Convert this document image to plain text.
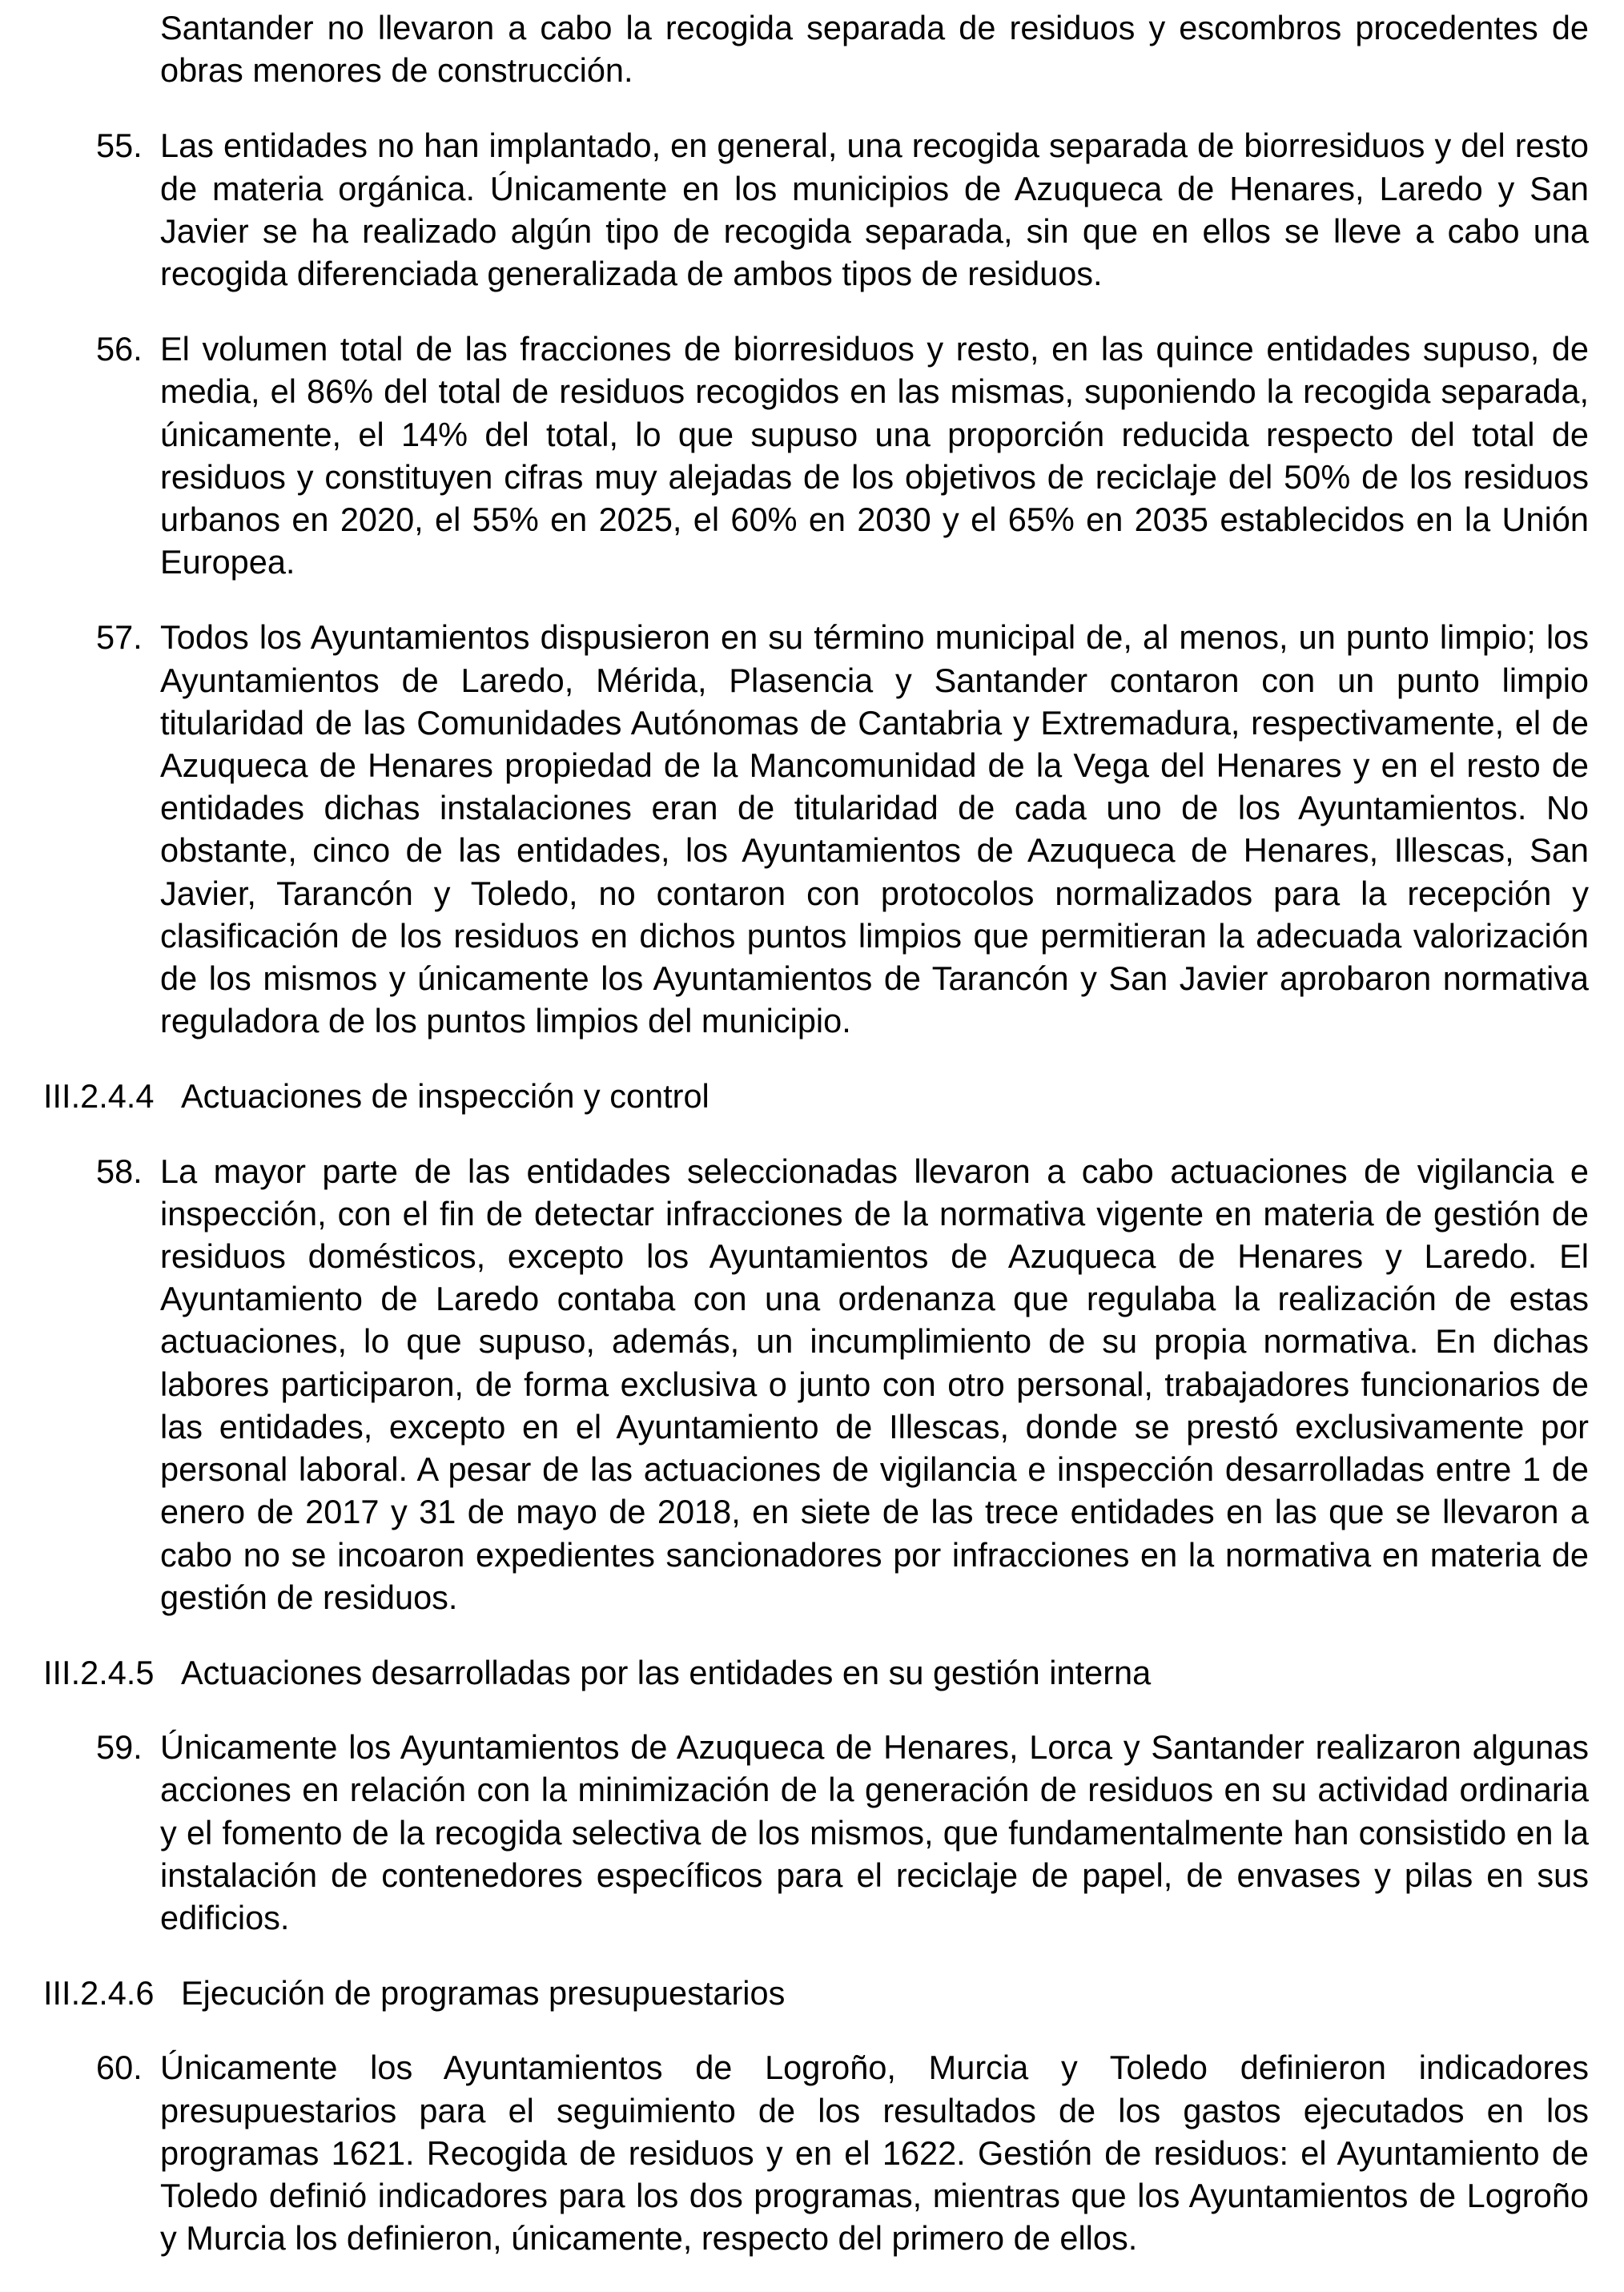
Santander no llevaron a cabo la recogida separada de residuos y escombros procedentes de obras menores de construcción.

55. Las entidades no han implantado, en general, una recogida separada de biorresiduos y del resto de materia orgánica. Únicamente en los municipios de Azuqueca de Henares, Laredo y San Javier se ha realizado algún tipo de recogida separada, sin que en ellos se lleve a cabo una recogida diferenciada generalizada de ambos tipos de residuos.

56. El volumen total de las fracciones de biorresiduos y resto, en las quince entidades supuso, de media, el 86% del total de residuos recogidos en las mismas, suponiendo la recogida separada, únicamente, el 14% del total, lo que supuso una proporción reducida respecto del total de residuos y constituyen cifras muy alejadas de los objetivos de reciclaje del 50% de los residuos urbanos en 2020, el 55% en 2025, el 60% en 2030 y el 65% en 2035 establecidos en la Unión Europea.

57. Todos los Ayuntamientos dispusieron en su término municipal de, al menos, un punto limpio; los Ayuntamientos de Laredo, Mérida, Plasencia y Santander contaron con un punto limpio titularidad de las Comunidades Autónomas de Cantabria y Extremadura, respectivamente, el de Azuqueca de Henares propiedad de la Mancomunidad de la Vega del Henares y en el resto de entidades dichas instalaciones eran de titularidad de cada uno de los Ayuntamientos. No obstante, cinco de las entidades, los Ayuntamientos de Azuqueca de Henares, Illescas, San Javier, Tarancón y Toledo, no contaron con protocolos normalizados para la recepción y clasificación de los residuos en dichos puntos limpios que permitieran la adecuada valorización de los mismos y únicamente los Ayuntamientos de Tarancón y San Javier aprobaron normativa reguladora de los puntos limpios del municipio.

III.2.4.4 Actuaciones de inspección y control
58. La mayor parte de las entidades seleccionadas llevaron a cabo actuaciones de vigilancia e inspección, con el fin de detectar infracciones de la normativa vigente en materia de gestión de residuos domésticos, excepto los Ayuntamientos de Azuqueca de Henares y Laredo. El Ayuntamiento de Laredo contaba con una ordenanza que regulaba la realización de estas actuaciones, lo que supuso, además, un incumplimiento de su propia normativa. En dichas labores participaron, de forma exclusiva o junto con otro personal, trabajadores funcionarios de las entidades, excepto en el Ayuntamiento de Illescas, donde se prestó exclusivamente por personal laboral. A pesar de las actuaciones de vigilancia e inspección desarrolladas entre 1 de enero de 2017 y 31 de mayo de 2018, en siete de las trece entidades en las que se llevaron a cabo no se incoaron expedientes sancionadores por infracciones en la normativa en materia de gestión de residuos.

III.2.4.5 Actuaciones desarrolladas por las entidades en su gestión interna
59. Únicamente los Ayuntamientos de Azuqueca de Henares, Lorca y Santander realizaron algunas acciones en relación con la minimización de la generación de residuos en su actividad ordinaria y el fomento de la recogida selectiva de los mismos, que fundamentalmente han consistido en la instalación de contenedores específicos para el reciclaje de papel, de envases y pilas en sus edificios.

III.2.4.6 Ejecución de programas presupuestarios
60. Únicamente los Ayuntamientos de Logroño, Murcia y Toledo definieron indicadores presupuestarios para el seguimiento de los resultados de los gastos ejecutados en los programas 1621. Recogida de residuos y en el 1622. Gestión de residuos: el Ayuntamiento de Toledo definió indicadores para los dos programas, mientras que los Ayuntamientos de Logroño y Murcia los definieron, únicamente, respecto del primero de ellos.
